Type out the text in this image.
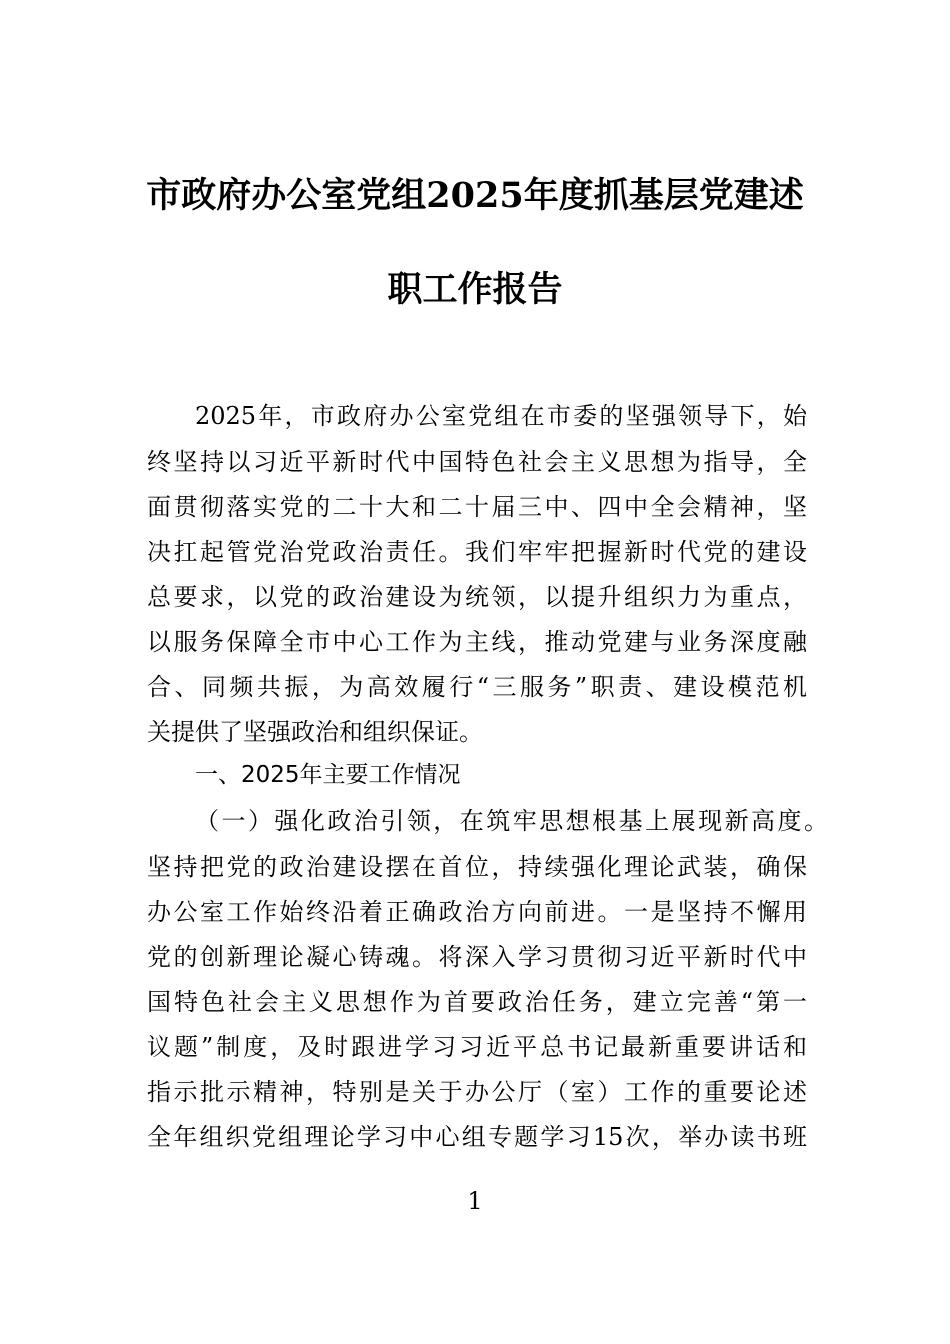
市政府办公室党组2025年度抓基层党建述
职工作报告
2025年，市政府办公室党组在市委的坚强领导下，始
终坚持以习近平新时代中国特色社会主义思想为指导，全
面贯彻落实党的二十大和二十届三中、四中全会精神，坚
决扛起管党治党政治责任。我们牢牢把握新时代党的建设
总要求，以党的政治建设为统领，以提升组织力为重点，
以服务保障全市中心工作为主线，推动党建与业务深度融
合、同频共振，为高效履行“三服务”职责、建设模范机
关提供了坚强政治和组织保证。
一、2025年主要工作情况
（一）强化政治引领，在筑牢思想根基上展现新高度。
坚持把党的政治建设摆在首位，持续强化理论武装，确保
办公室工作始终沿着正确政治方向前进。一是坚持不懈用
党的创新理论凝心铸魂。将深入学习贯彻习近平新时代中
国特色社会主义思想作为首要政治任务，建立完善“第一
议题”制度，及时跟进学习习近平总书记最新重要讲话和
指示批示精神，特别是关于办公厅（室）工作的重要论述
全年组织党组理论学习中心组专题学习15次，举办读书班
1
